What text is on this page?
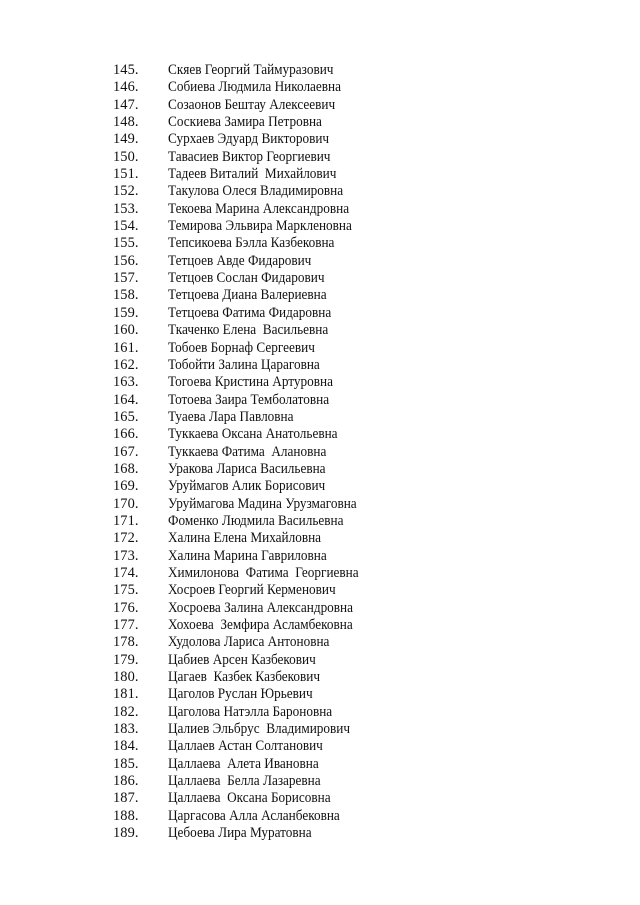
145.	Скяев Георгий Таймуразович
146.	Собиева Людмила Николаевна
147.	Созаонов Бештау Алексеевич
148.	Соскиева Замира Петровна
149.	Сурхаев Эдуард Викторович
150.	Тавасиев Виктор Георгиевич
151.	Тадеев Виталий  Михайлович
152.	Такулова Олеся Владимировна
153.	Текоева Марина Александровна
154.	Темирова Эльвира Маркленовна
155.	Тепсикоева Бэлла Казбековна
156.	Тетцоев Авде Фидарович
157.	Тетцоев Сослан Фидарович
158.	Тетцоева Диана Валериевна
159.	Тетцоева Фатима Фидаровна
160.	Ткаченко Елена  Васильевна
161.	Тобоев Борнаф Сергеевич
162.	Тобойти Залина Цараговна
163.	Тогоева Кристина Артуровна
164.	Тотоева Заира Темболатовна
165.	Туаева Лара Павловна
166.	Туккаева Оксана Анатольевна
167.	Туккаева Фатима  Алановна
168.	Уракова Лариса Васильевна
169.	Уруймагов Алик Борисович
170.	Уруймагова Мадина Урузмаговна
171.	Фоменко Людмила Васильевна
172.	Халина Елена Михайловна
173.	Халина Марина Гавриловна
174.	Химилонова  Фатима  Георгиевна
175.	Хосроев Георгий Керменович
176.	Хосроева Залина Александровна
177.	Хохоева  Земфира Асламбековна
178.	Худолова Лариса Антоновна
179.	Цабиев Арсен Казбекович
180.	Цагаев  Казбек Казбекович
181.	Цаголов Руслан Юрьевич
182.	Цаголова Натэлла Бароновна
183.	Цалиев Эльбрус  Владимирович
184.	Цаллаев Астан Солтанович
185.	Цаллаева  Алета Ивановна
186.	Цаллаева  Белла Лазаревна
187.	Цаллаева  Оксана Борисовна
188.	Царгасова Алла Асланбековна
189.	Цебоева Лира Муратовна
